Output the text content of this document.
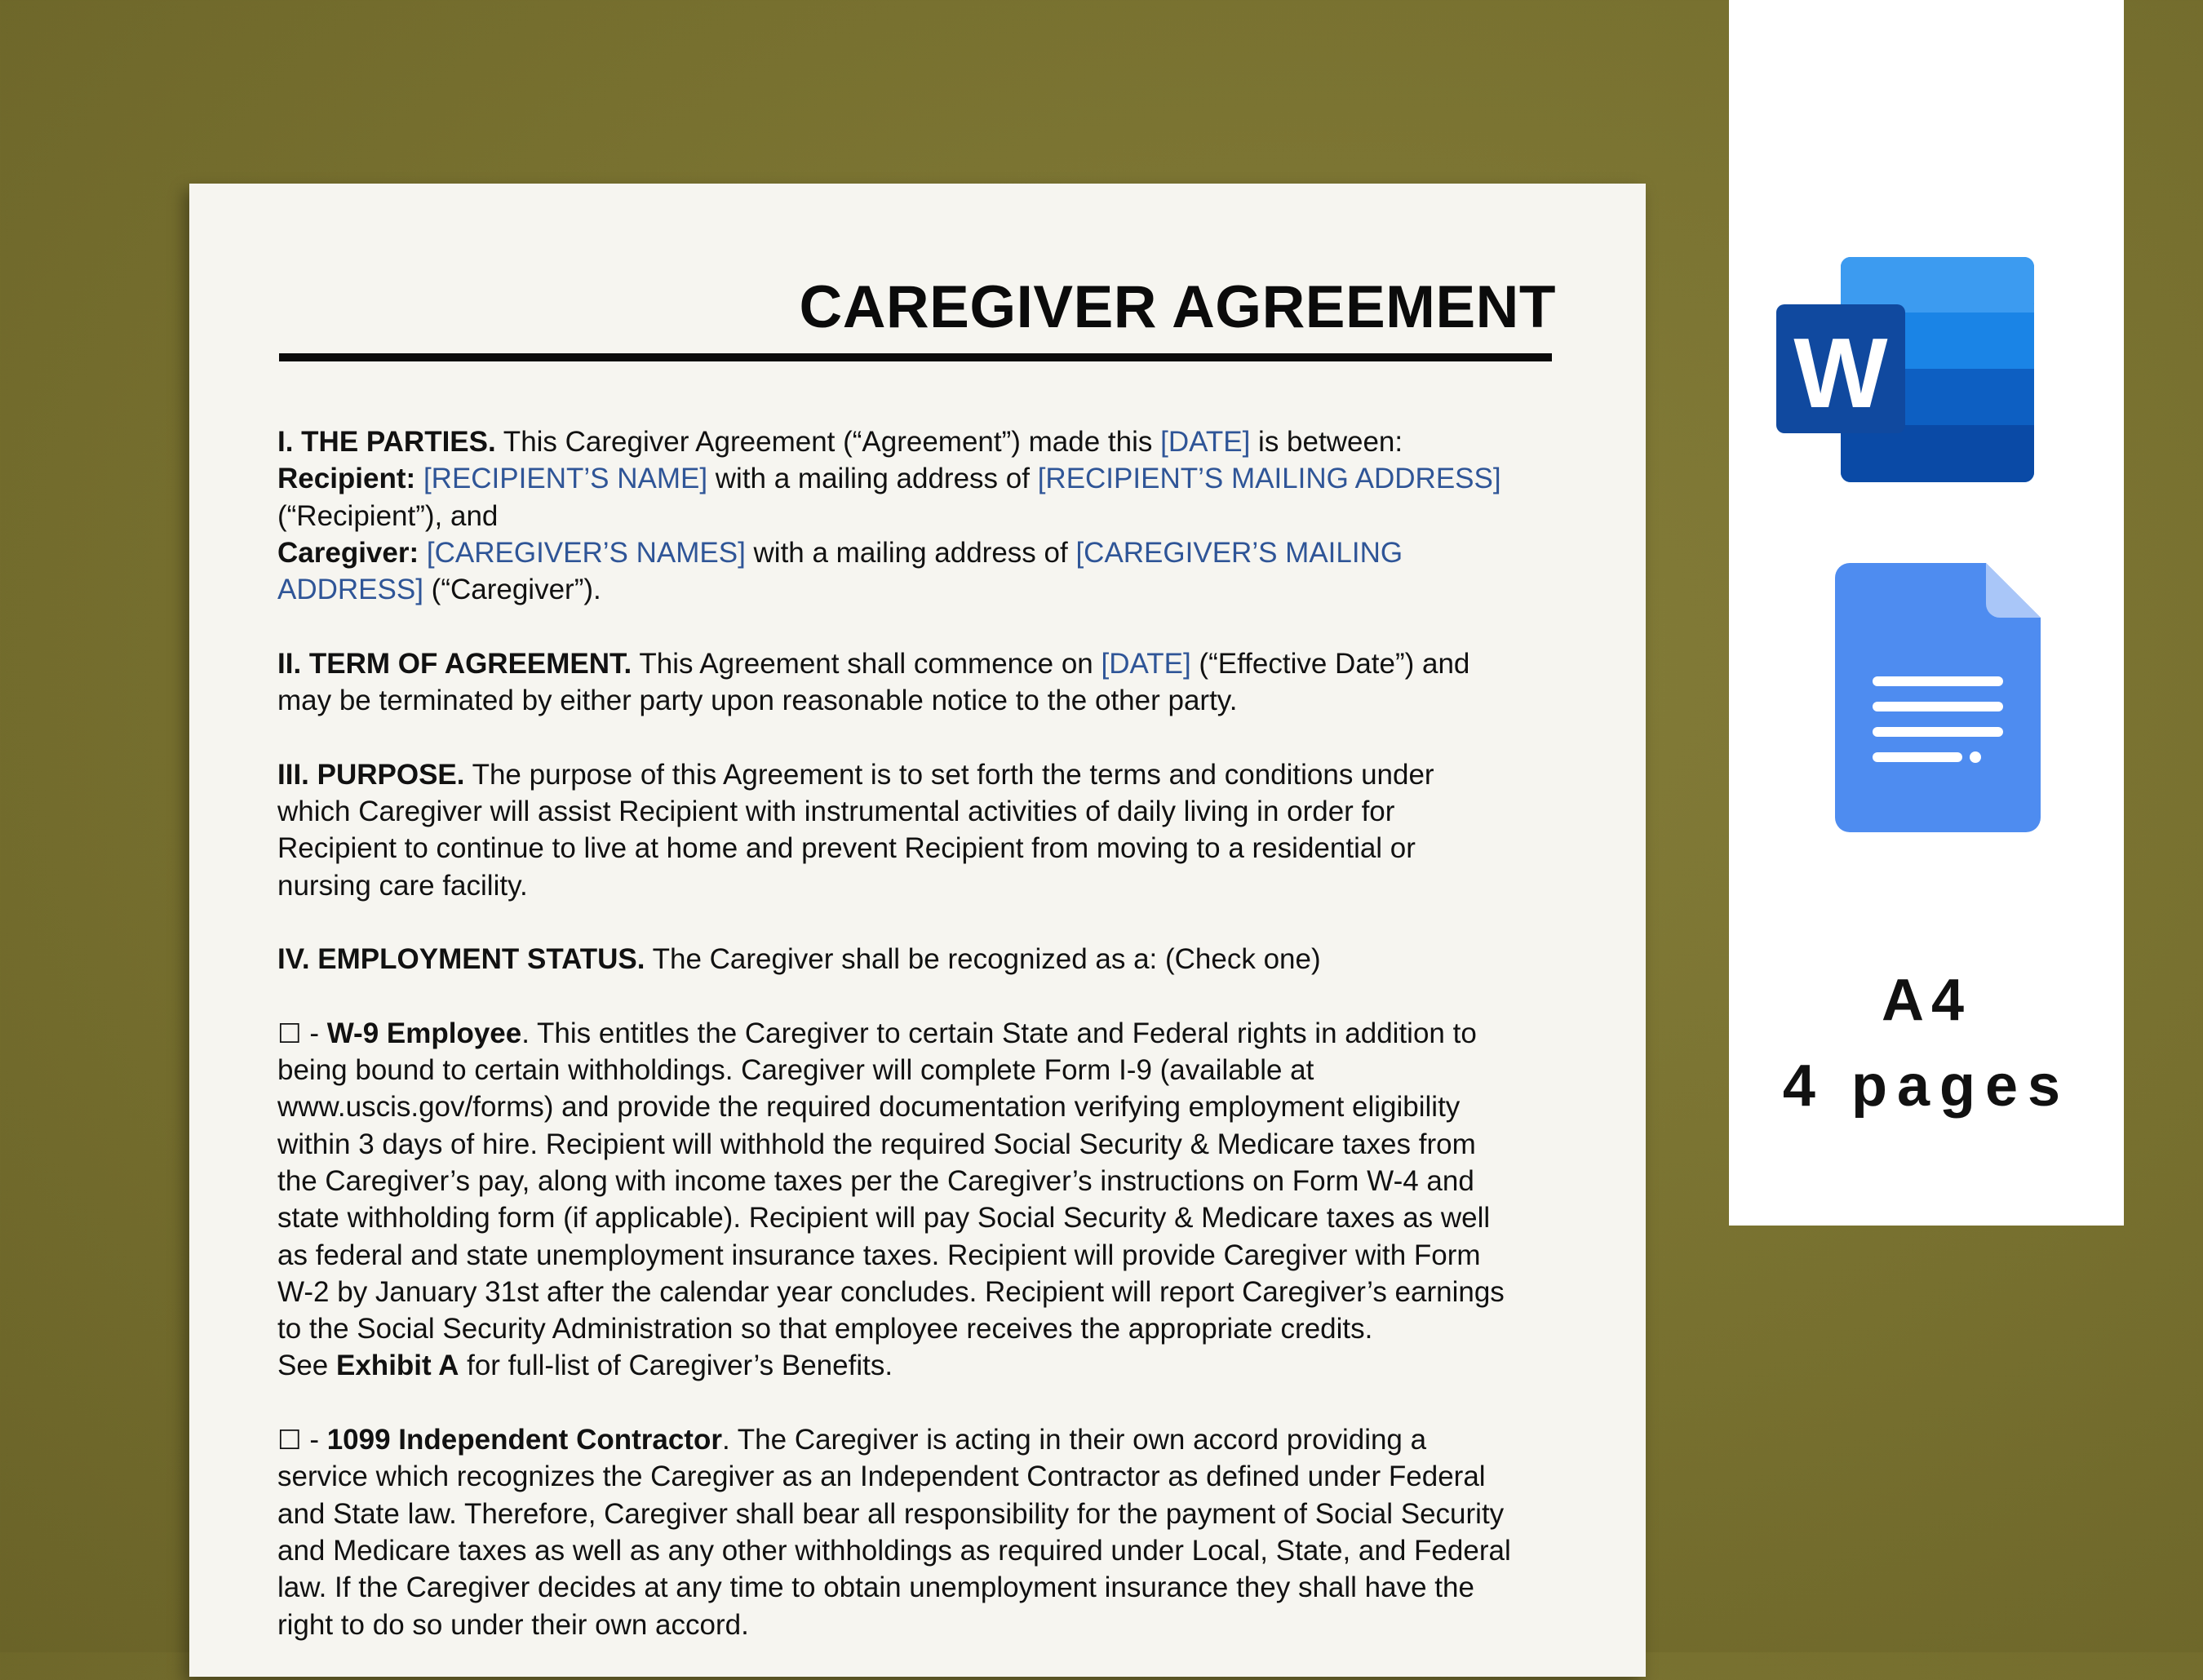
CAREGIVER AGREEMENT

I. THE PARTIES. This Caregiver Agreement (“Agreement”) made this [DATE] is between:
Recipient: [RECIPIENT’S NAME] with a mailing address of [RECIPIENT’S MAILING ADDRESS]
(“Recipient”), and
Caregiver: [CAREGIVER’S NAMES] with a mailing address of [CAREGIVER’S MAILING
ADDRESS] (“Caregiver”).

II. TERM OF AGREEMENT. This Agreement shall commence on [DATE] (“Effective Date”) and
may be terminated by either party upon reasonable notice to the other party.

III. PURPOSE. The purpose of this Agreement is to set forth the terms and conditions under
which Caregiver will assist Recipient with instrumental activities of daily living in order for
Recipient to continue to live at home and prevent Recipient from moving to a residential or
nursing care facility.

IV. EMPLOYMENT STATUS. The Caregiver shall be recognized as a: (Check one)

☐ - W-9 Employee. This entitles the Caregiver to certain State and Federal rights in addition to
being bound to certain withholdings. Caregiver will complete Form I-9 (available at
www.uscis.gov/forms) and provide the required documentation verifying employment eligibility
within 3 days of hire. Recipient will withhold the required Social Security & Medicare taxes from
the Caregiver’s pay, along with income taxes per the Caregiver’s instructions on Form W-4 and
state withholding form (if applicable). Recipient will pay Social Security & Medicare taxes as well
as federal and state unemployment insurance taxes. Recipient will provide Caregiver with Form
W-2 by January 31st after the calendar year concludes. Recipient will report Caregiver’s earnings
to the Social Security Administration so that employee receives the appropriate credits.
See Exhibit A for full-list of Caregiver’s Benefits.

☐ - 1099 Independent Contractor. The Caregiver is acting in their own accord providing a
service which recognizes the Caregiver as an Independent Contractor as defined under Federal
and State law. Therefore, Caregiver shall bear all responsibility for the payment of Social Security
and Medicare taxes as well as any other withholdings as required under Local, State, and Federal
law. If the Caregiver decides at any time to obtain unemployment insurance they shall have the
right to do so under their own accord.

W
A4
4 pages
